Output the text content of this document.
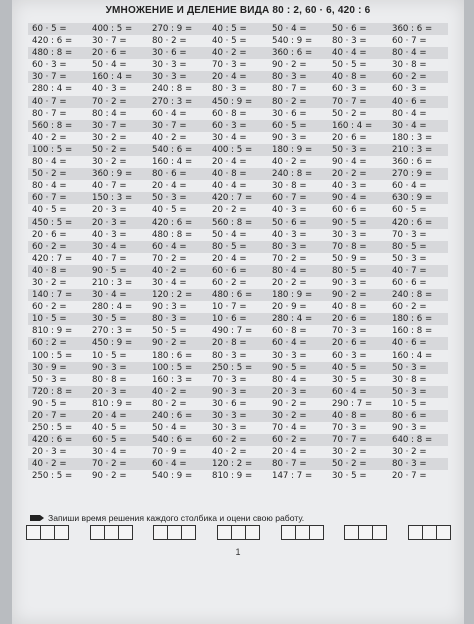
УМНОЖЕНИЕ И ДЕЛЕНИЕ ВИДА 80 : 2, 60 · 6, 420 : 6
60 · 5 =
420 : 6 =
480 : 8 =
60 · 3 =
30 · 7 =
280 : 4 =
40 · 7 =
80 · 7 =
560 : 8 =
40 · 2 =
100 : 5 =
80 · 4 =
50 · 2 =
80 · 4 =
60 · 7 =
40 · 5 =
450 : 5 =
20 · 6 =
60 · 2 =
420 : 7 =
40 · 8 =
30 · 2 =
140 : 7 =
60 · 2 =
10 · 5 =
810 : 9 =
60 : 2 =
100 : 5 =
30 · 9 =
50 · 3 =
720 : 8 =
90 · 5 =
20 · 7 =
250 : 5 =
420 : 6 =
20 · 3 =
40 · 2 =
250 : 5 =
400 : 5 =
30 · 7 =
20 · 6 =
50 · 4 =
160 : 4 =
40 · 3 =
70 · 2 =
80 : 4 =
30 · 7 =
30 · 2 =
50 · 2 =
30 · 2 =
360 : 9 =
40 · 7 =
150 : 3 =
20 · 3 =
20 · 3 =
40 · 3 =
30 · 4 =
40 · 7 =
90 · 5 =
210 : 3 =
30 · 4 =
280 : 4 =
30 · 5 =
270 : 3 =
450 : 9 =
10 · 5 =
90 · 3 =
80 · 8 =
20 · 3 =
810 : 9 =
20 · 4 =
40 · 5 =
60 · 5 =
30 · 4 =
70 · 2 =
90 · 2 =
270 : 9 =
80 · 2 =
30 · 6 =
30 · 3 =
30 · 3 =
240 : 8 =
270 : 3 =
60 · 4 =
30 · 7 =
40 · 2 =
540 : 6 =
160 : 4 =
80 · 6 =
20 · 4 =
50 · 3 =
40 · 5 =
420 : 6 =
480 : 8 =
60 · 4 =
70 · 2 =
40 · 2 =
30 · 4 =
120 : 2 =
90 : 3 =
80 · 3 =
50 · 5 =
90 · 2 =
180 : 6 =
100 : 5 =
160 : 3 =
40 · 2 =
80 · 2 =
240 : 6 =
50 · 4 =
540 : 6 =
70 · 9 =
60 · 4 =
540 : 9 =
40 : 5 =
40 · 5 =
40 · 2 =
70 · 3 =
20 · 4 =
80 · 3 =
450 : 9 =
60 · 8 =
60 · 3 =
30 · 4 =
400 : 5 =
20 · 4 =
40 · 8 =
40 · 4 =
420 : 7 =
20 · 2 =
560 : 8 =
50 · 4 =
80 · 5 =
20 · 4 =
60 · 6 =
60 · 2 =
480 : 6 =
10 · 7 =
10 · 6 =
490 : 7 =
20 · 8 =
80 · 3 =
250 : 5 =
70 · 3 =
90 · 3 =
30 · 6 =
30 · 3 =
30 · 3 =
60 · 2 =
40 · 2 =
120 : 2 =
810 : 9 =
50 · 4 =
540 : 9 =
360 : 6 =
90 · 2 =
80 · 3 =
80 · 7 =
80 · 2 =
30 · 6 =
60 · 5 =
90 · 3 =
180 : 9 =
40 · 2 =
240 : 8 =
30 · 8 =
60 · 7 =
40 · 3 =
50 · 6 =
40 · 3 =
80 · 3 =
70 · 2 =
80 · 4 =
20 · 2 =
180 : 9 =
20 · 9 =
280 : 4 =
60 · 8 =
60 · 4 =
30 · 3 =
90 · 5 =
80 · 4 =
20 · 3 =
90 · 2 =
30 · 2 =
70 · 4 =
60 · 2 =
20 · 4 =
80 · 7 =
147 : 7 =
50 · 6 =
80 · 3 =
40 · 4 =
50 · 5 =
40 · 8 =
60 · 3 =
70 · 7 =
50 · 2 =
160 : 4 =
20 · 6 =
50 · 3 =
90 · 4 =
20 · 2 =
40 · 3 =
90 · 4 =
60 · 6 =
90 · 5 =
30 · 3 =
70 · 8 =
50 · 9 =
80 · 5 =
90 · 3 =
90 · 2 =
40 · 8 =
20 · 6 =
70 · 3 =
20 · 6 =
60 · 3 =
40 · 5 =
30 · 5 =
60 · 4 =
290 : 7 =
40 · 8 =
70 · 3 =
70 · 7 =
30 · 2 =
50 · 2 =
30 · 5 =
360 : 6 =
60 · 7 =
80 · 4 =
30 · 8 =
60 · 2 =
60 · 3 =
40 · 6 =
80 · 4 =
30 · 4 =
180 : 3 =
210 : 3 =
360 : 6 =
270 : 9 =
60 · 4 =
630 : 9 =
60 · 5 =
420 : 6 =
70 · 3 =
80 · 5 =
50 · 3 =
40 · 7 =
60 · 6 =
240 : 8 =
60 · 2 =
180 : 6 =
160 : 8 =
40 · 6 =
160 : 4 =
50 · 3 =
30 · 8 =
50 · 3 =
10 · 5 =
80 · 6 =
90 · 3 =
640 : 8 =
30 · 2 =
80 · 3 =
20 · 7 =
Запиши время решения каждого столбика и оцени свою работу.
1
